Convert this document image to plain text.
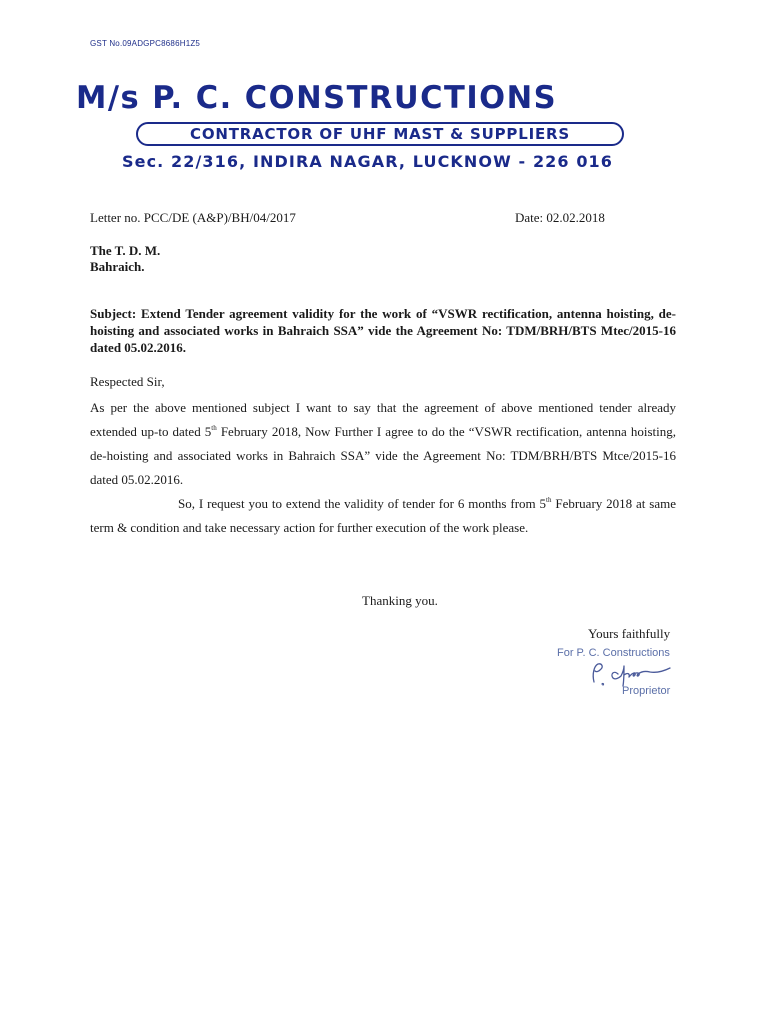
GST No.09ADGPC8686H1Z5
M/s P. C. CONSTRUCTIONS
CONTRACTOR OF UHF MAST & SUPPLIERS
Sec. 22/316, INDIRA NAGAR, LUCKNOW - 226 016
Letter no. PCC/DE (A&P)/BH/04/2017	Date: 02.02.2018
The T. D. M.
Bahraich.
Subject: Extend Tender agreement validity for the work of “VSWR rectification, antenna hoisting, de-hoisting and associated works in Bahraich SSA” vide the Agreement No: TDM/BRH/BTS Mtec/2015-16 dated 05.02.2016.
Respected Sir,
As per the above mentioned subject I want to say that the agreement of above mentioned tender already extended up-to dated 5th February 2018, Now Further I agree to do the “VSWR rectification, antenna hoisting, de-hoisting and associated works in Bahraich SSA” vide the Agreement No: TDM/BRH/BTS Mtce/2015-16 dated 05.02.2016.
So, I request you to extend the validity of tender for 6 months from 5th February 2018 at same term & condition and take necessary action for further execution of the work please.
Thanking you.
Yours faithfully
For P. C. Constructions
Proprietor
